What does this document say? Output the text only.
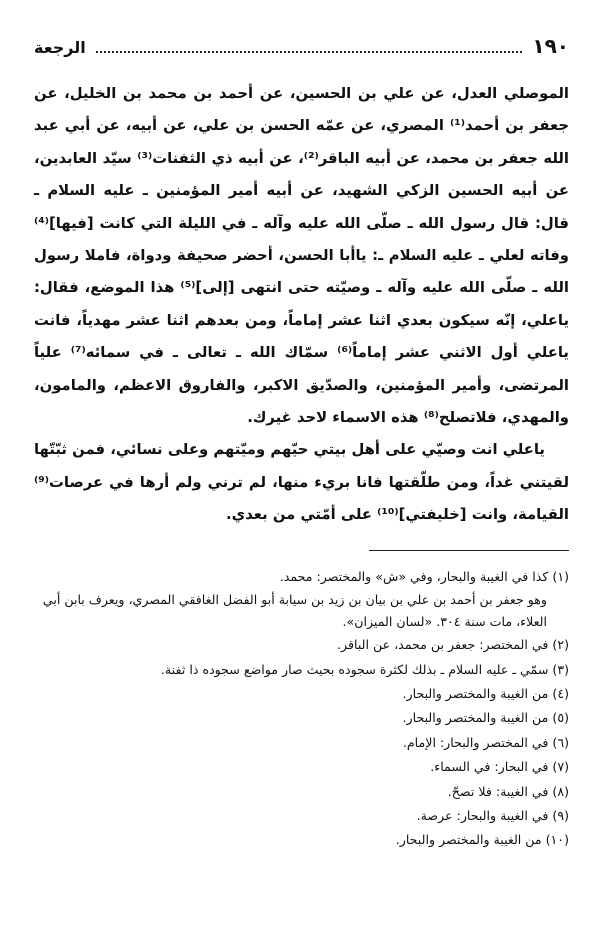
١٩٠
الرجعة

الموصلي العدل، عن علي بن الحسين، عن أحمد بن محمد بن الخليل، عن جعفر بن أحمد⁽¹⁾ المصري، عن عمّه الحسن بن علي، عن أبيه، عن أبي عبد الله جعفر بن محمد، عن أبيه الباقر⁽²⁾، عن أبيه ذي الثفنات⁽³⁾ سيّد العابدين، عن أبيه الحسين الزكي الشهيد، عن أبيه أمير المؤمنين ـ عليه السلام ـ قال: قال رسول الله ـ صلّى الله عليه وآله ـ في الليلة التي كانت [فيها]⁽⁴⁾ وفاته لعلي ـ عليه السلام ـ: ياأبا الحسن، أحضر صحيفة ودواة، فاملا رسول الله ـ صلّى الله عليه وآله ـ وصيّته حتى انتهى [إلى]⁽⁵⁾ هذا الموضع، فقال: ياعلي، إنّه سيكون بعدي اثنا عشر إماماً، ومن بعدهم اثنا عشر مهدياً، فانت ياعلي أول الاثني عشر إماماً⁽⁶⁾ سمّاك الله ـ تعالى ـ في سمائه⁽⁷⁾ علياً المرتضى، وأمير المؤمنين، والصدّيق الاكبر، والفاروق الاعظم، والمامون، والمهدي، فلاتصلح⁽⁸⁾ هذه الاسماء لاحد غيرك.

ياعلي انت وصيّي على أهل بيتي حيّهم وميّتهم وعلى نسائي، فمن ثبّتّها لقيتني غداً، ومن طلّقتها فانا بريء منها، لم ترني ولم أرها في عرصات⁽⁹⁾ القيامة، وانت [خليفتي]⁽¹⁰⁾ على أمّتي من بعدي.

(١) كذا في الغيبة والبحار، وفي «ش» والمختصر: محمد.

وهو جعفر بن أحمد بن علي بن بيان بن زيد بن سيابة أبو الفضل الغافقي المصري، ويعرف بابن أبي العلاء، مات سنة ٣٠٤. «لسان الميزان».

(٢) في المختصر: جعفر بن محمد، عن الباقر.

(٣) سمّي ـ عليه السلام ـ بذلك لكثرة سجوده بحيث صار مواضع سجوده ذا ثفنة.

(٤) من الغيبة والمختصر والبحار.

(٥) من الغيبة والمختصر والبحار.

(٦) في المختصر والبحار: الإمام.

(٧) في البحار: في السماء.

(٨) في الغيبة: فلا تصحّ.

(٩) في الغيبة والبحار: عرصة.

(١٠) من الغيبة والمختصر والبحار.
